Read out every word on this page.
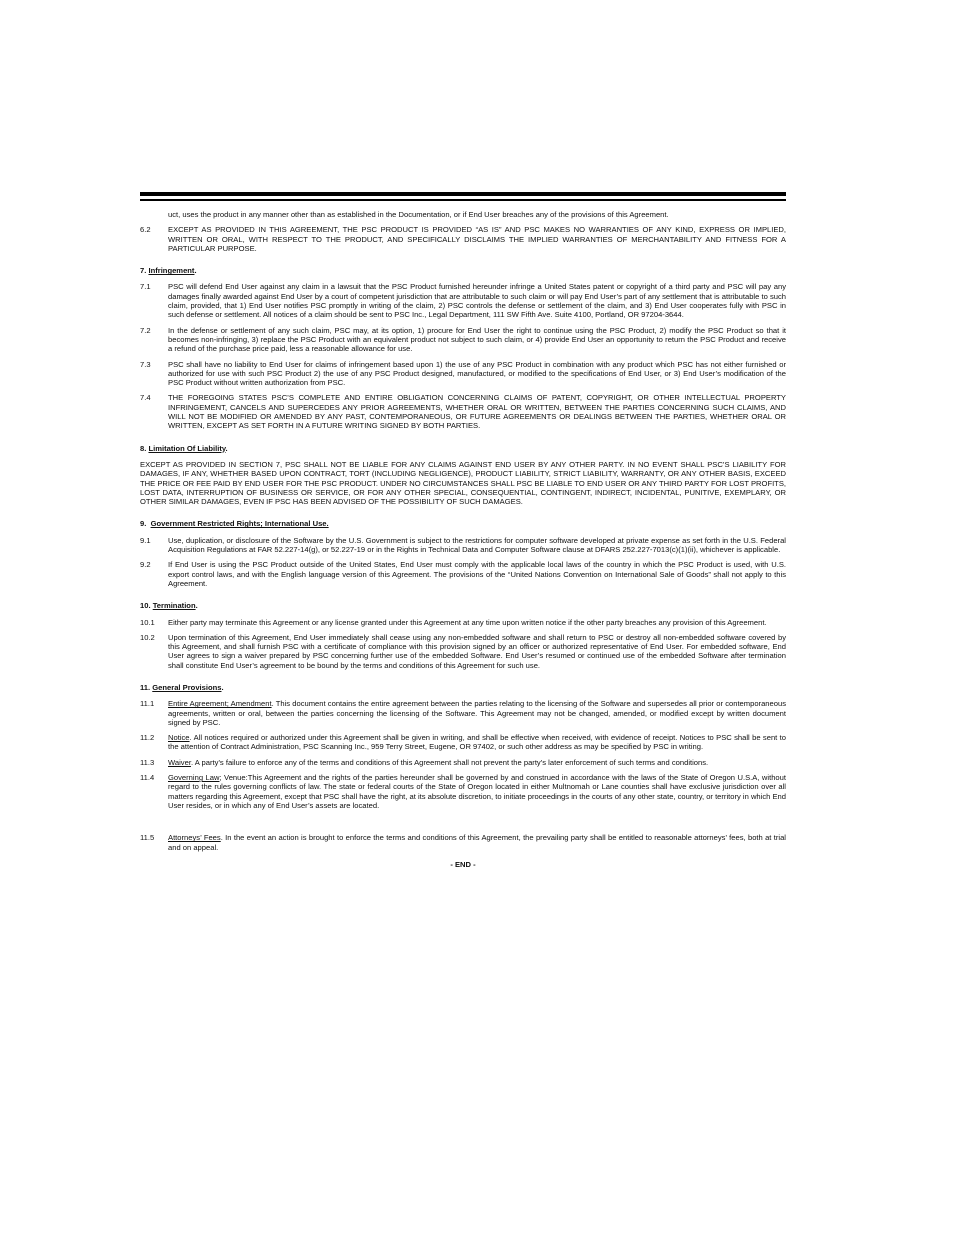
uct, uses the product in any manner other than as established in the Documentation, or if End User breaches any of the provisions of this Agreement.
6.2	EXCEPT AS PROVIDED IN THIS AGREEMENT, THE PSC PRODUCT IS PROVIDED “AS IS” AND PSC MAKES NO WARRANTIES OF ANY KIND, EXPRESS OR IMPLIED, WRITTEN OR ORAL, WITH RESPECT TO THE PRODUCT, AND SPECIFICALLY DISCLAIMS THE IMPLIED WARRANTIES OF MERCHANTABILITY AND FITNESS FOR A PARTICULAR PURPOSE.
7. Infringement.
7.1	PSC will defend End User against any claim in a lawsuit that the PSC Product furnished hereunder infringe a United States patent or copyright of a third party and PSC will pay any damages finally awarded against End User by a court of competent jurisdiction that are attributable to such claim or will pay End User’s part of any settlement that is attributable to such claim, provided, that 1) End User notifies PSC promptly in writing of the claim, 2) PSC controls the defense or settlement of the claim, and 3) End User cooperates fully with PSC in such defense or settlement. All notices of a claim should be sent to PSC Inc., Legal Department, 111 SW Fifth Ave. Suite 4100, Portland, OR 97204-3644.
7.2	In the defense or settlement of any such claim, PSC may, at its option, 1) procure for End User the right to continue using the PSC Product, 2) modify the PSC Product so that it becomes non-infringing, 3) replace the PSC Product with an equivalent product not subject to such claim, or 4) provide End User an opportunity to return the PSC Product and receive a refund of the purchase price paid, less a reasonable allowance for use.
7.3	PSC shall have no liability to End User for claims of infringement based upon 1) the use of any PSC Product in combination with any product which PSC has not either furnished or authorized for use with such PSC Product 2) the use of any PSC Product designed, manufactured, or modified to the specifications of End User, or 3) End User’s modification of the PSC Product without written authorization from PSC.
7.4	THE FOREGOING STATES PSC’S COMPLETE AND ENTIRE OBLIGATION CONCERNING CLAIMS OF PATENT, COPYRIGHT, OR OTHER INTELLECTUAL PROPERTY INFRINGEMENT, CANCELS AND SUPERCEDES ANY PRIOR AGREEMENTS, WHETHER ORAL OR WRITTEN, BETWEEN THE PARTIES CONCERNING SUCH CLAIMS, AND WILL NOT BE MODIFIED OR AMENDED BY ANY PAST, CONTEMPORANEOUS, OR FUTURE AGREEMENTS OR DEALINGS BETWEEN THE PARTIES, WHETHER ORAL OR WRITTEN, EXCEPT AS SET FORTH IN A FUTURE WRITING SIGNED BY BOTH PARTIES.
8. Limitation Of Liability.
EXCEPT AS PROVIDED IN SECTION 7, PSC SHALL NOT BE LIABLE FOR ANY CLAIMS AGAINST END USER BY ANY OTHER PARTY. IN NO EVENT SHALL PSC’S LIABILITY FOR DAMAGES, IF ANY, WHETHER BASED UPON CONTRACT, TORT (INCLUDING NEGLIGENCE), PRODUCT LIABILITY, STRICT LIABILITY, WARRANTY, OR ANY OTHER BASIS, EXCEED THE PRICE OR FEE PAID BY END USER FOR THE PSC PRODUCT. UNDER NO CIRCUMSTANCES SHALL PSC BE LIABLE TO END USER OR ANY THIRD PARTY FOR LOST PROFITS, LOST DATA, INTERRUPTION OF BUSINESS OR SERVICE, OR FOR ANY OTHER SPECIAL, CONSEQUENTIAL, CONTINGENT, INDIRECT, INCIDENTAL, PUNITIVE, EXEMPLARY, OR OTHER SIMILAR DAMAGES, EVEN IF PSC HAS BEEN ADVISED OF THE POSSIBILITY OF SUCH DAMAGES.
9. Government Restricted Rights; International Use.
9.1	Use, duplication, or disclosure of the Software by the U.S. Government is subject to the restrictions for computer software developed at private expense as set forth in the U.S. Federal Acquisition Regulations at FAR 52.227-14(g), or 52.227-19 or in the Rights in Technical Data and Computer Software clause at DFARS 252.227-7013(c)(1)(ii), whichever is applicable.
9.2	If End User is using the PSC Product outside of the United States, End User must comply with the applicable local laws of the country in which the PSC Product is used, with U.S. export control laws, and with the English language version of this Agreement. The provisions of the “United Nations Convention on International Sale of Goods” shall not apply to this Agreement.
10. Termination.
10.1	Either party may terminate this Agreement or any license granted under this Agreement at any time upon written notice if the other party breaches any provision of this Agreement.
10.2	Upon termination of this Agreement, End User immediately shall cease using any non-embedded software and shall return to PSC or destroy all non-embedded software covered by this Agreement, and shall furnish PSC with a certificate of compliance with this provision signed by an officer or authorized representative of End User. For embedded software, End User agrees to sign a waiver prepared by PSC concerning further use of the embedded Software. End User’s resumed or continued use of the embedded Software after termination shall constitute End User’s agreement to be bound by the terms and conditions of this Agreement for such use.
11. General Provisions.
11.1	Entire Agreement; Amendment. This document contains the entire agreement between the parties relating to the licensing of the Software and supersedes all prior or contemporaneous agreements, written or oral, between the parties concerning the licensing of the Software. This Agreement may not be changed, amended, or modified except by written document signed by PSC.
11.2	Notice. All notices required or authorized under this Agreement shall be given in writing, and shall be effective when received, with evidence of receipt. Notices to PSC shall be sent to the attention of Contract Administration, PSC Scanning Inc., 959 Terry Street, Eugene, OR 97402, or such other address as may be specified by PSC in writing.
11.3	Waiver. A party’s failure to enforce any of the terms and conditions of this Agreement shall not prevent the party’s later enforcement of such terms and conditions.
11.4	Governing Law; Venue:This Agreement and the rights of the parties hereunder shall be governed by and construed in accordance with the laws of the State of Oregon U.S.A, without regard to the rules governing conflicts of law. The state or federal courts of the State of Oregon located in either Multnomah or Lane counties shall have exclusive jurisdiction over all matters regarding this Agreement, except that PSC shall have the right, at its absolute discretion, to initiate proceedings in the courts of any other state, country, or territory in which End User resides, or in which any of End User’s assets are located.
11.5	Attorneys’ Fees. In the event an action is brought to enforce the terms and conditions of this Agreement, the prevailing party shall be entitled to reasonable attorneys’ fees, both at trial and on appeal.
- END -
